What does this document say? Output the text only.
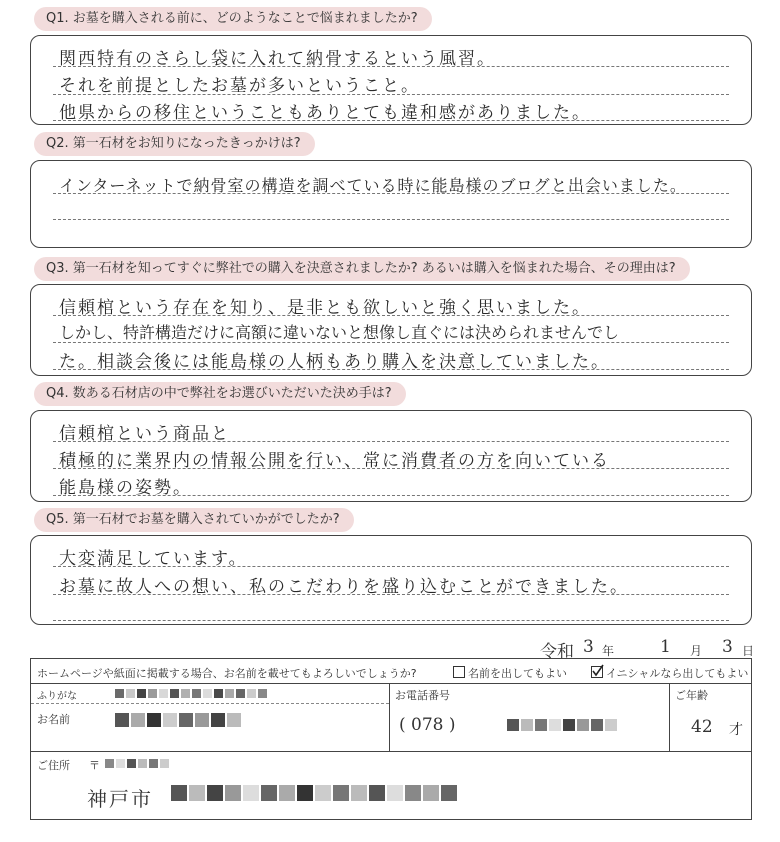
Q1. お墓を購入される前に、どのようなことで悩まれましたか?
関西特有のさらし袋に入れて納骨するという風習。
それを前提としたお墓が多いということ。
他県からの移住ということもありとても違和感がありました。
Q2. 第一石材をお知りになったきっかけは?
インターネットで納骨室の構造を調べている時に能島様のブログと出会いました。
Q3. 第一石材を知ってすぐに弊社での購入を決意されましたか? あるいは購入を悩まれた場合、その理由は?
信頼棺という存在を知り、是非とも欲しいと強く思いました。
しかし、特許構造だけに高額に違いないと想像し直ぐには決められませんでし
た。相談会後には能島様の人柄もあり購入を決意していました。
Q4. 数ある石材店の中で弊社をお選びいただいた決め手は?
信頼棺という商品と
積極的に業界内の情報公開を行い、常に消費者の方を向いている
能島様の姿勢。
Q5. 第一石材でお墓を購入されていかがでしたか?
大変満足しています。
お墓に故人への想い、私のこだわりを盛り込むことができました。
令和 3 年	1 月 3 日
ホームページや紙面に掲載する場合、お名前を載せてもよろしいでしょうか?	名前を出してもよい	イニシャルなら出してもよい
ふりがな
お名前
お電話番号
( 078 )
ご年齢
42 才
ご住所 〒
神戸市
